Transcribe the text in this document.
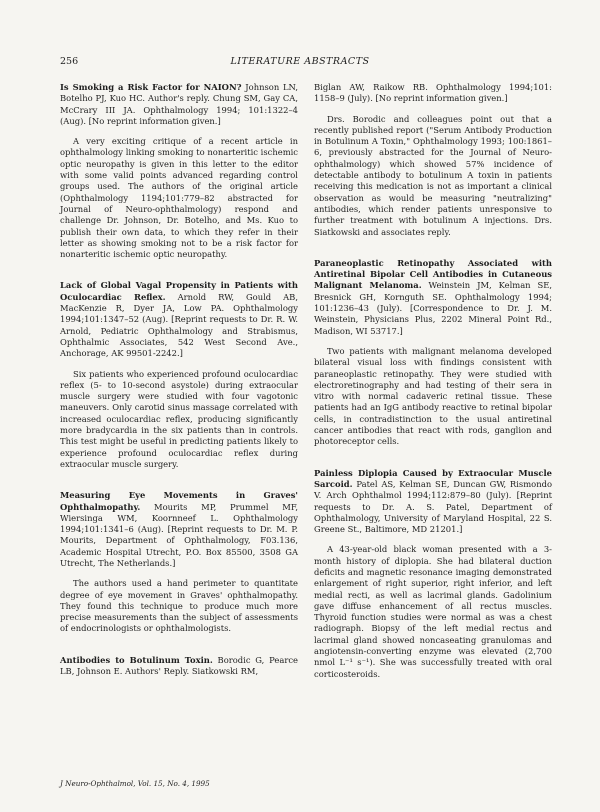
256	LITERATURE ABSTRACTS

Is Smoking a Risk Factor for NAION? Johnson LN, Botelho PJ, Kuo HC. Author's reply. Chung SM, Gay CA, McCrary III JA. Ophthalmology 1994; 101:1322–4 (Aug). [No reprint information given.]

A very exciting critique of a recent article in ophthalmology linking smoking to nonarteritic ischemic optic neuropathy is given in this letter to the editor with some valid points advanced regarding control groups used. The authors of the original article (Ophthalmology 1194;101:779–82 abstracted for Journal of Neuro-ophthalmology) respond and challenge Dr. Johnson, Dr. Botelho, and Ms. Kuo to publish their own data, to which they refer in their letter as showing smoking not to be a risk factor for nonarteritic ischemic optic neuropathy.

Lack of Global Vagal Propensity in Patients with Oculocardiac Reflex. Arnold RW, Gould AB, MacKenzie R, Dyer JA, Low PA. Ophthalmology 1994;101:1347–52 (Aug). [Reprint requests to Dr. R. W. Arnold, Pediatric Ophthalmology and Strabismus, Ophthalmic Associates, 542 West Second Ave., Anchorage, AK 99501-2242.]

Six patients who experienced profound oculocardiac reflex (5- to 10-second asystole) during extraocular muscle surgery were studied with four vagotonic maneuvers. Only carotid sinus massage correlated with increased oculocardiac reflex, producing significantly more bradycardia in the six patients than in controls. This test might be useful in predicting patients likely to experience profound oculocardiac reflex during extraocular muscle surgery.

Measuring Eye Movements in Graves' Ophthalmopathy. Mourits MP, Prummel MF, Wiersinga WM, Koornneef L. Ophthalmology 1994;101:1341–6 (Aug). [Reprint requests to Dr. M. P. Mourits, Department of Ophthalmology, F03.136, Academic Hospital Utrecht, P.O. Box 85500, 3508 GA Utrecht, The Netherlands.]

The authors used a hand perimeter to quantitate degree of eye movement in Graves' ophthalmopathy. They found this technique to produce much more precise measurements than the subject of assessments of endocrinologists or ophthalmologists.

Antibodies to Botulinum Toxin. Borodic G, Pearce LB, Johnson E. Authors' Reply. Siatkowski RM,

Biglan AW, Raikow RB. Ophthalmology 1994;101: 1158–9 (July). [No reprint information given.]

Drs. Borodic and colleagues point out that a recently published report ("Serum Antibody Production in Botulinum A Toxin," Ophthalmology 1993; 100:1861–6, previously abstracted for the Journal of Neuro-ophthalmology) which showed 57% incidence of detectable antibody to botulinum A toxin in patients receiving this medication is not as important a clinical observation as would be measuring "neutralizing" antibodies, which render patients unresponsive to further treatment with botulinum A injections. Drs. Siatkowski and associates reply.

Paraneoplastic Retinopathy Associated with Antiretinal Bipolar Cell Antibodies in Cutaneous Malignant Melanoma. Weinstein JM, Kelman SE, Bresnick GH, Kornguth SE. Ophthalmology 1994; 101:1236–43 (July). [Correspondence to Dr. J. M. Weinstein, Physicians Plus, 2202 Mineral Point Rd., Madison, WI 53717.]

Two patients with malignant melanoma developed bilateral visual loss with findings consistent with paraneoplastic retinopathy. They were studied with electroretinography and had testing of their sera in vitro with normal cadaveric retinal tissue. These patients had an IgG antibody reactive to retinal bipolar cells, in contradistinction to the usual antiretinal cancer antibodies that react with rods, ganglion and photoreceptor cells.

Painless Diplopia Caused by Extraocular Muscle Sarcoid. Patel AS, Kelman SE, Duncan GW, Rismondo V. Arch Ophthalmol 1994;112:879–80 (July). [Reprint requests to Dr. A. S. Patel, Department of Ophthalmology, University of Maryland Hospital, 22 S. Greene St., Baltimore, MD 21201.]

A 43-year-old black woman presented with a 3-month history of diplopia. She had bilateral duction deficits and magnetic resonance imaging demonstrated enlargement of right superior, right inferior, and left medial recti, as well as lacrimal glands. Gadolinium gave diffuse enhancement of all rectus muscles. Thyroid function studies were normal as was a chest radiograph. Biopsy of the left medial rectus and lacrimal gland showed noncaseating granulomas and angiotensin-converting enzyme was elevated (2,700 nmol L⁻¹ s⁻¹). She was successfully treated with oral corticosteroids.

J Neuro-Ophthalmol, Vol. 15, No. 4, 1995
